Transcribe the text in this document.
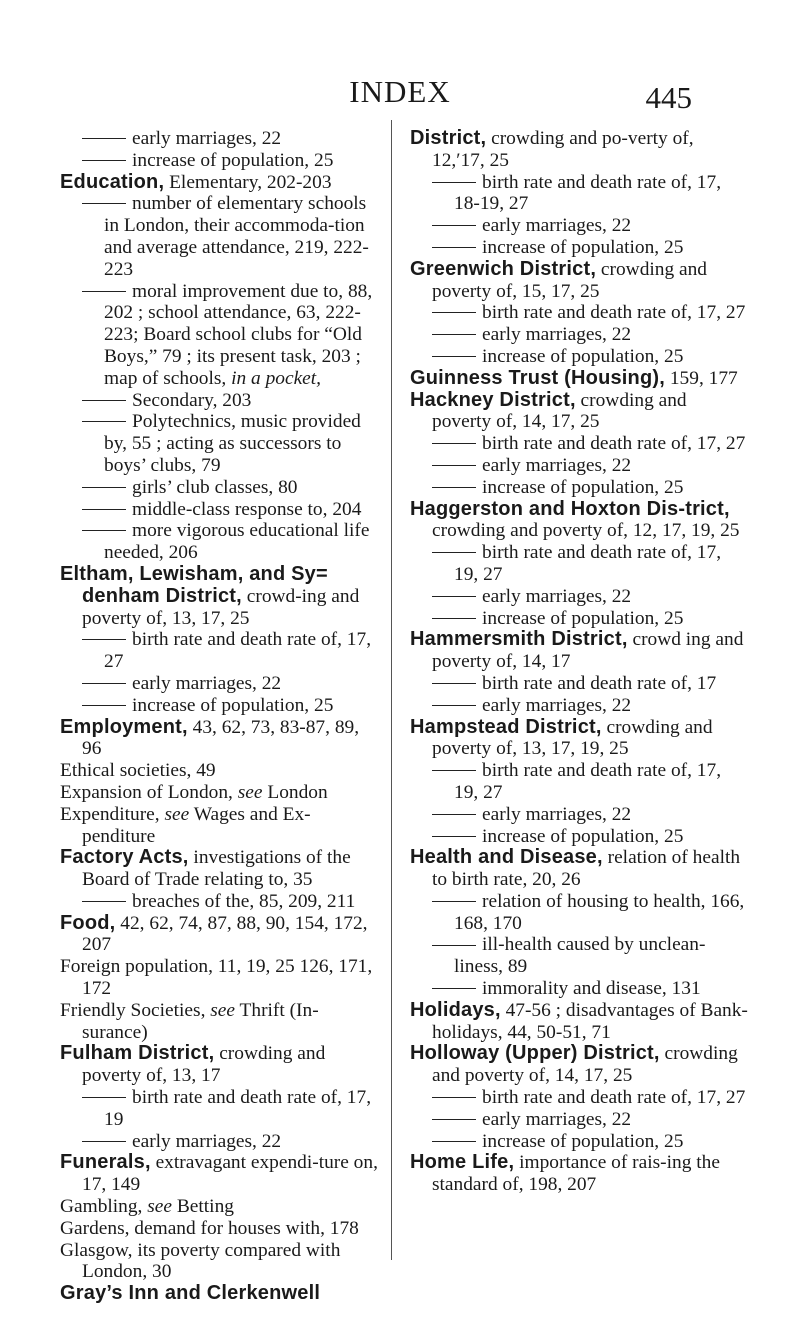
INDEX	445
early marriages, 22
increase of population, 25
Education, Elementary, 202-203
number of elementary schools in London, their accommoda-tion and average attendance, 219, 222-223
moral improvement due to, 88, 202 ; school attendance, 63, 222-223; Board school clubs for “Old Boys,” 79 ; its present task, 203 ; map of schools, in a pocket,
Secondary, 203
Polytechnics, music provided by, 55 ; acting as successors to boys’ clubs, 79
girls’ club classes, 80
middle-class response to, 204
more vigorous educational life needed, 206
Eltham, Lewisham, and Sy= denham District, crowd-ing and poverty of, 13, 17, 25
birth rate and death rate of, 17, 27
early marriages, 22
increase of population, 25
Employment, 43, 62, 73, 83-87, 89, 96
Ethical societies, 49
Expansion of London, see London
Expenditure, see Wages and Ex-penditure
Factory Acts, investigations of the Board of Trade relating to, 35
breaches of the, 85, 209, 211
Food, 42, 62, 74, 87, 88, 90, 154, 172, 207
Foreign population, 11, 19, 25 126, 171, 172
Friendly Societies, see Thrift (In-surance)
Fulham District, crowding and poverty of, 13, 17
birth rate and death rate of, 17, 19
early marriages, 22
Funerals, extravagant expendi-ture on, 17, 149
Gambling, see Betting
Gardens, demand for houses with, 178
Glasgow, its poverty compared with London, 30
Gray’s Inn and Clerkenwell
District, crowding and po-verty of, 12,ʹ17, 25
birth rate and death rate of, 17, 18-19, 27
early marriages, 22
increase of population, 25
Greenwich District, crowding and poverty of, 15, 17, 25
birth rate and death rate of, 17, 27
early marriages, 22
increase of population, 25
Guinness Trust (Housing), 159, 177
Hackney District, crowding and poverty of, 14, 17, 25
birth rate and death rate of, 17, 27
early marriages, 22
increase of population, 25
Haggerston and Hoxton Dis-trict, crowding and poverty of, 12, 17, 19, 25
birth rate and death rate of, 17, 19, 27
early marriages, 22
increase of population, 25
Hammersmith District, crowd ing and poverty of, 14, 17
birth rate and death rate of, 17
early marriages, 22
Hampstead District, crowding and poverty of, 13, 17, 19, 25
birth rate and death rate of, 17, 19, 27
early marriages, 22
increase of population, 25
Health and Disease, relation of health to birth rate, 20, 26
relation of housing to health, 166, 168, 170
ill-health caused by unclean-liness, 89
immorality and disease, 131
Holidays, 47-56 ; disadvantages of Bank-holidays, 44, 50-51, 71
Holloway (Upper) District, crowding and poverty of, 14, 17, 25
birth rate and death rate of, 17, 27
early marriages, 22
increase of population, 25
Home Life, importance of rais-ing the standard of, 198, 207
